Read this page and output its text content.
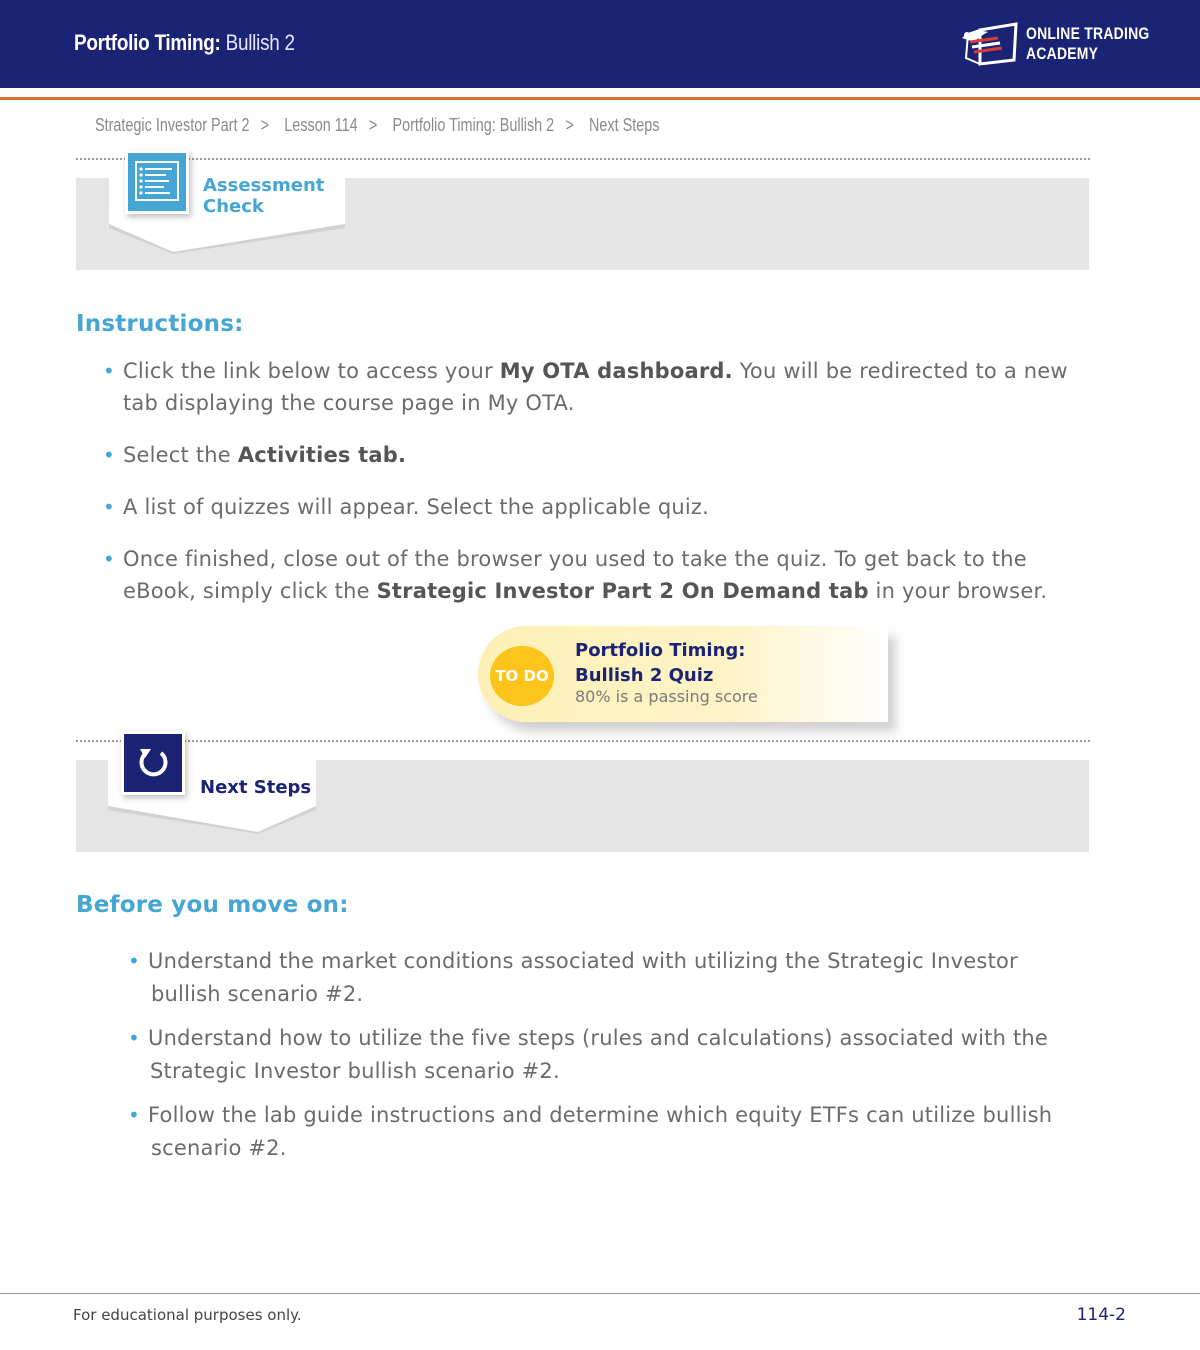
Portfolio Timing: Bullish 2	ONLINE TRADING
ACADEMY
Strategic Investor Part 2 > Lesson 114 > Portfolio Timing: Bullish 2 > Next Steps
Assessment
Check
Instructions:
• Click the link below to access your My OTA dashboard. You will be redirected to a new tab displaying the course page in My OTA.
• Select the Activities tab.
• A list of quizzes will appear. Select the applicable quiz.
• Once finished, close out of the browser you used to take the quiz. To get back to the eBook, simply click the Strategic Investor Part 2 On Demand tab in your browser.
TO DO
Portfolio Timing:
Bullish 2 Quiz
80% is a passing score
Next Steps
Before you move on:
• Understand the market conditions associated with utilizing the Strategic Investor
bullish scenario #2.
• Understand how to utilize the five steps (rules and calculations) associated with the
Strategic Investor bullish scenario #2.
• Follow the lab guide instructions and determine which equity ETFs can utilize bullish
scenario #2.
For educational purposes only.	114-2
